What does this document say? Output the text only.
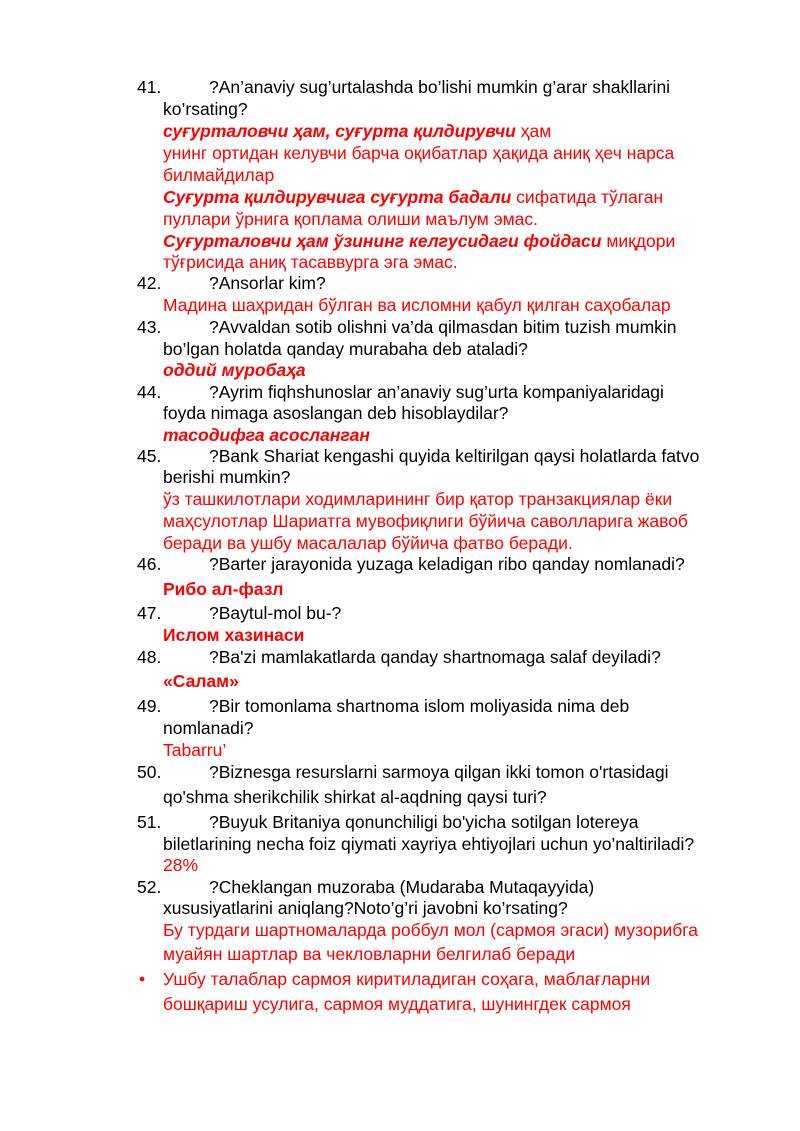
41.	?An’anaviy sug’urtalashda bo’lishi mumkin g’arar shakllarini
ko’rsating?
суғурталовчи ҳам, суғурта қилдирувчи ҳам
унинг ортидан келувчи барча оқибатлар ҳақида аниқ ҳеч нарса
билмайдилар
Суғурта қилдирувчига суғурта бадали сифатида тўлаган
пуллари ўрнига қоплама олиши маълум эмас.
Суғурталовчи ҳам ўзининг келгусидаги фойдаси миқдори
тўғрисида аниқ тасаввурга эга эмас.
42.	?Ansorlar kim?
Мадина шаҳридан бўлган ва исломни қабул қилган саҳобалар
43.	?Avvaldan sotib olishni va’da qilmasdan bitim tuzish mumkin
bo’lgan holatda qanday murabaha deb ataladi?
оддий муробаҳа
44.	?Ayrim fiqhshunoslar an’anaviy sug’urta kompaniyalaridagi
foyda nimaga asoslangan deb hisoblaydilar?
тасодифга асосланган
45.	?Bank Shariat kengashi quyida keltirilgan qaysi holatlarda fatvo
berishi mumkin?
ўз ташкилотлари ходимларининг бир қатор транзакциялар ёки
маҳсулотлар Шариатга мувофиқлиги бўйича саволларига жавоб
беради ва ушбу масалалар бўйича фатво беради.
46.	?Barter jarayonida yuzaga keladigan ribo qanday nomlanadi?
Рибо ал-фазл
47.	?Baytul-mol bu-?
Ислом хазинаси
48.	?Ba'zi mamlakatlarda qanday shartnomaga salaf deyiladi?
«Салам»
49.	?Bir tomonlama shartnoma islom moliyasida nima deb
nomlanadi?
Tabarru’
50.	?Biznesga resurslarni sarmoya qilgan ikki tomon o'rtasidagi
qo'shma sherikchilik shirkat al-aqdning qaysi turi?
51.	?Buyuk Britaniya qonunchiligi bo'yicha sotilgan lotereya
biletlarining necha foiz qiymati xayriya ehtiyojlari uchun yo’naltiriladi?
28%
52.	?Cheklangan muzoraba (Mudaraba Mutaqayyida)
xususiyatlarini aniqlang?Noto’g’ri javobni ko’rsating?
Бу турдаги шартномаларда роббул мол (сармоя эгаси) музорибга
муайян шартлар ва чекловларни белгилаб беради
• Ушбу талаблар сармоя киритиладиган соҳага, маблағларни
бошқариш усулига, сармоя муддатига, шунингдек сармоя
